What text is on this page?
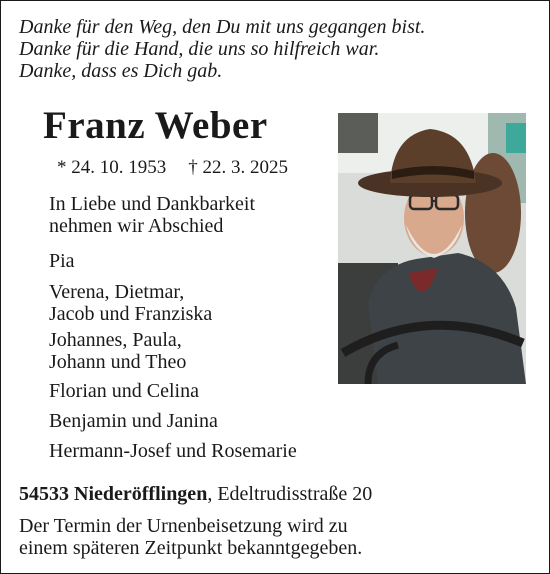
Danke für den Weg, den Du mit uns gegangen bist.
Danke für die Hand, die uns so hilfreich war.
Danke, dass es Dich gab.
Franz Weber
* 24. 10. 1953 † 22. 3. 2025
In Liebe und Dankbarkeit
nehmen wir Abschied
Pia
Verena, Dietmar,
Jacob und Franziska
Johannes, Paula,
Johann und Theo
Florian und Celina
Benjamin und Janina
Hermann-Josef und Rosemarie
54533 Niederöfflingen, Edeltrudisstraße 20
Der Termin der Urnenbeisetzung wird zu
einem späteren Zeitpunkt bekanntgegeben.
